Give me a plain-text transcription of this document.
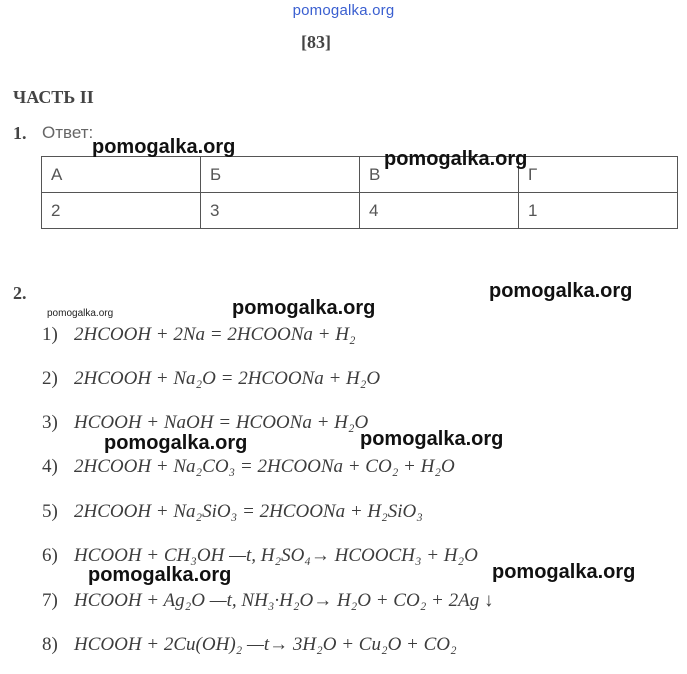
pomogalka.org
[83]
ЧАСТЬ II
1. Ответ:
А	Б	В	Г
2	3	4	1
2.
1) 2HCOOH + 2Na = 2HCOONa + H₂
2) 2HCOOH + Na₂O = 2HCOONa + H₂O
3) HCOOH + NaOH = HCOONa + H₂O
4) 2HCOOH + Na₂CO₃ = 2HCOONa + CO₂ + H₂O
5) 2HCOOH + Na₂SiO₃ = 2HCOONa + H₂SiO₃
6) HCOOH + CH₃OH —t, H₂SO₄→ HCOOCH₃ + H₂O
7) HCOOH + Ag₂O —t, NH₃·H₂O→ H₂O + CO₂ + 2Ag ↓
8) HCOOH + 2Cu(OH)₂ —t→ 3H₂O + Cu₂O + CO₂
pomogalka.org
pomogalka.org
pomogalka.org
pomogalka.org
pomogalka.org
pomogalka.org	pomogalka.org
pomogalka.org	pomogalka.org
